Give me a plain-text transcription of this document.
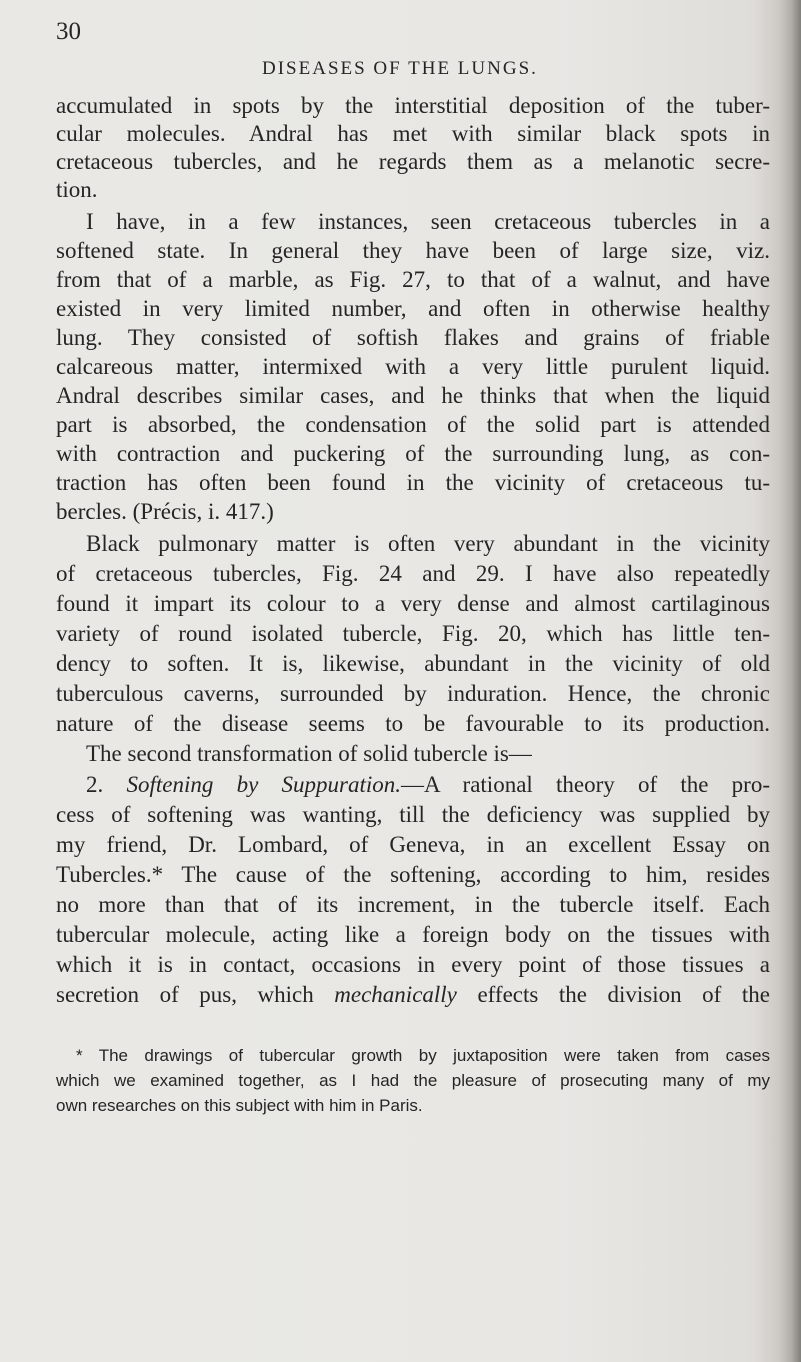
30
DISEASES OF THE LUNGS.

accumulated in spots by the interstitial deposition of the tuber-

cular molecules. Andral has met with similar black spots in

cretaceous tubercles, and he regards them as a melanotic secre-

tion.

I have, in a few instances, seen cretaceous tubercles in a

softened state. In general they have been of large size, viz.

from that of a marble, as Fig. 27, to that of a walnut, and have

existed in very limited number, and often in otherwise healthy

lung. They consisted of softish flakes and grains of friable

calcareous matter, intermixed with a very little purulent liquid.

Andral describes similar cases, and he thinks that when the liquid

part is absorbed, the condensation of the solid part is attended

with contraction and puckering of the surrounding lung, as con-

traction has often been found in the vicinity of cretaceous tu-

bercles. (Précis, i. 417.)

Black pulmonary matter is often very abundant in the vicinity

of cretaceous tubercles, Fig. 24 and 29. I have also repeatedly

found it impart its colour to a very dense and almost cartilaginous

variety of round isolated tubercle, Fig. 20, which has little ten-

dency to soften. It is, likewise, abundant in the vicinity of old

tuberculous caverns, surrounded by induration. Hence, the chronic

nature of the disease seems to be favourable to its production.

The second transformation of solid tubercle is—

2. Softening by Suppuration.—A rational theory of the pro-

cess of softening was wanting, till the deficiency was supplied by

my friend, Dr. Lombard, of Geneva, in an excellent Essay on

Tubercles.* The cause of the softening, according to him, resides

no more than that of its increment, in the tubercle itself. Each

tubercular molecule, acting like a foreign body on the tissues with

which it is in contact, occasions in every point of those tissues a

secretion of pus, which mechanically effects the division of the

* The drawings of tubercular growth by juxtaposition were taken from cases

which we examined together, as I had the pleasure of prosecuting many of my

own researches on this subject with him in Paris.
